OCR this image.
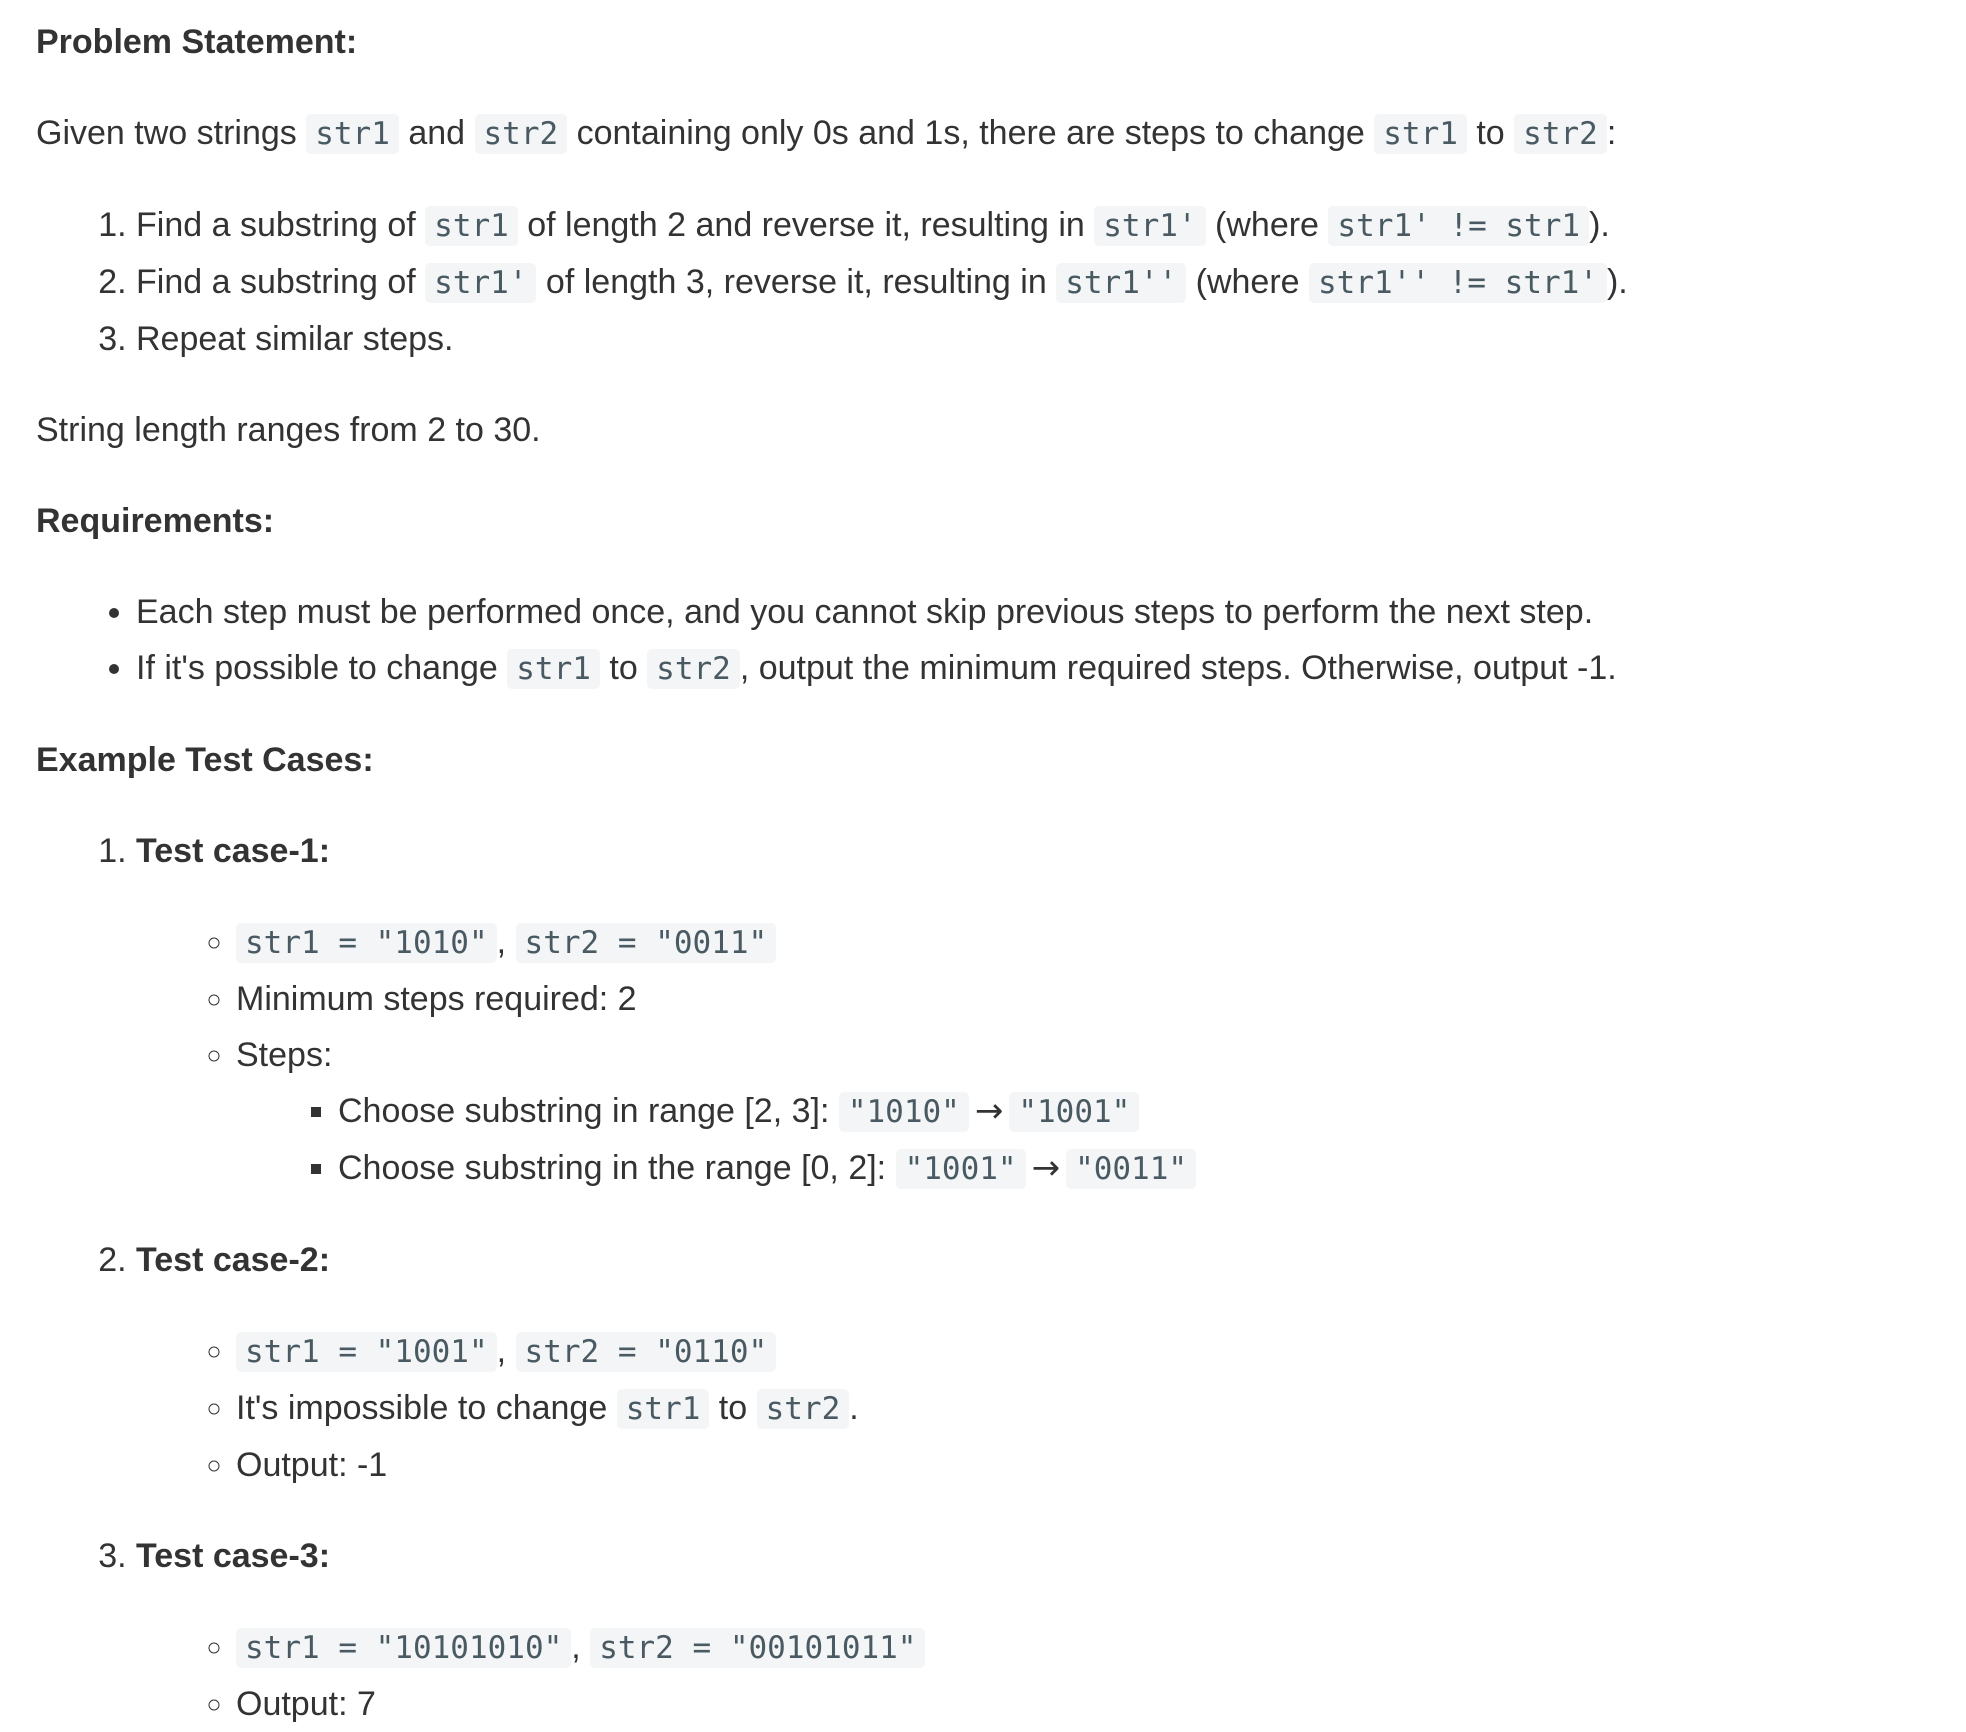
Problem Statement:

Given two strings str1 and str2 containing only 0s and 1s, there are steps to change str1 to str2 :

1. Find a substring of str1 of length 2 and reverse it, resulting in str1' (where str1' != str1 ).
2. Find a substring of str1' of length 3, reverse it, resulting in str1'' (where str1'' != str1' ).
3. Repeat similar steps.

String length ranges from 2 to 30.

Requirements:
• Each step must be performed once, and you cannot skip previous steps to perform the next step.
• If it's possible to change str1 to str2 , output the minimum required steps. Otherwise, output -1.
Example Test Cases:
1. Test case-1:
◦ str1 = "1010" , str2 = "0011"
◦ Minimum steps required: 2
◦ Steps:
▪ Choose substring in range [2, 3]: "1010" → "1001"
▪ Choose substring in the range [0, 2]: "1001" → "0011"
2. Test case-2:
◦ str1 = "1001" , str2 = "0110"
◦ It's impossible to change str1 to str2 .
◦ Output: -1
3. Test case-3:
◦ str1 = "10101010" , str2 = "00101011"
◦ Output: 7
